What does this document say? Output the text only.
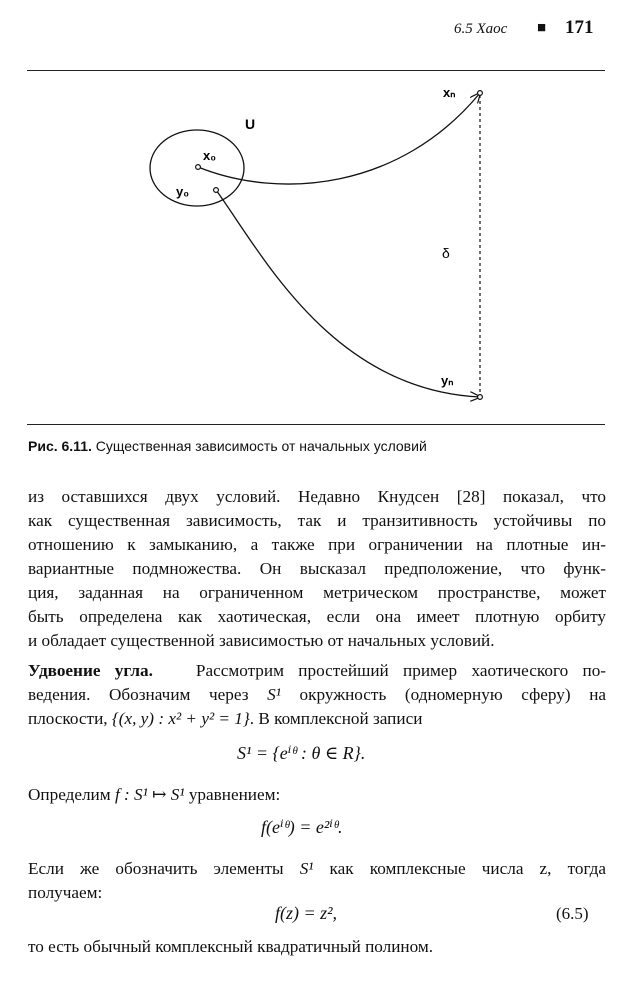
6.5 Хаос ■ 171
U
x₀
y₀
xₙ
yₙ
δ
Рис. 6.11. Существенная зависимость от начальных условий
из оставшихся двух условий. Недавно Кнудсен [28] показал, что
как существенная зависимость, так и транзитивность устойчивы по
отношению к замыканию, а также при ограничении на плотные ин-
вариантные подмножества. Он высказал предположение, что функ-
ция, заданная на ограниченном метрическом пространстве, может
быть определена как хаотическая, если она имеет плотную орбиту
и обладает существенной зависимостью от начальных условий.
Удвоение угла.	Рассмотрим простейший пример хаотического по-
ведения. Обозначим через S¹ окружность (одномерную сферу) на
плоскости, {(x, y) : x² + y² = 1}. В комплексной записи
S¹ = {eⁱᶿ : θ ∈ R}.
Определим f : S¹ ↦ S¹ уравнением:
f(eⁱᶿ) = e²ⁱᶿ.
Если же обозначить элементы S¹ как комплексные числа z, тогда
получаем:
f(z) = z²,	(6.5)
то есть обычный комплексный квадратичный полином.
